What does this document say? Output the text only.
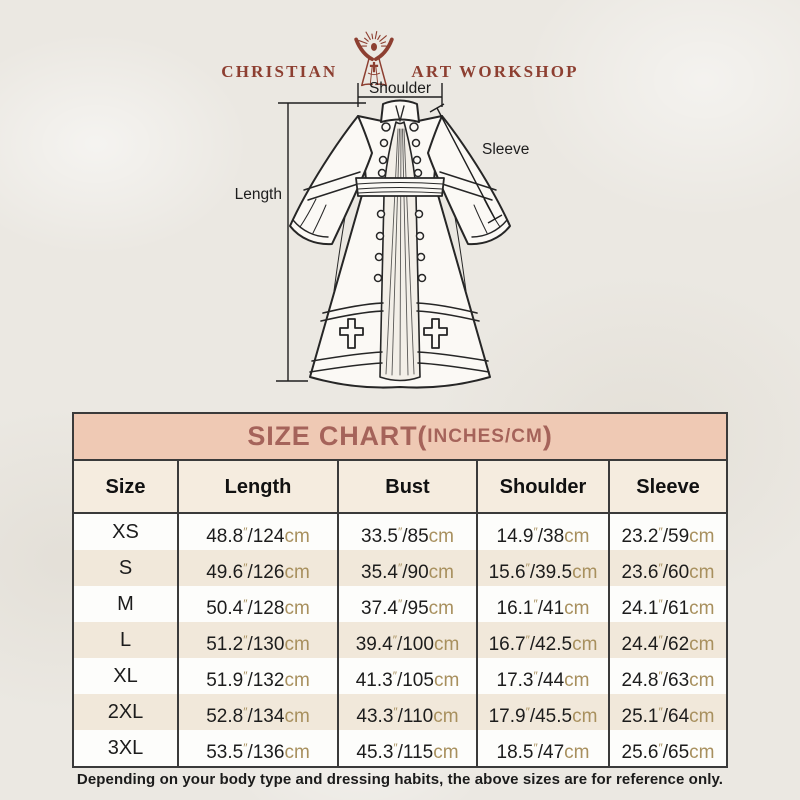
CHRISTIAN	ART WORKSHOP
Shoulder
Length
Sleeve
SIZE CHART( INCHES/CM )
Size	Length	Bust	Shoulder	Sleeve
XS	48.8″/124cm	33.5″/85cm	14.9″/38cm	23.2″/59cm
S	49.6″/126cm	35.4″/90cm	15.6″/39.5cm	23.6″/60cm
M	50.4″/128cm	37.4″/95cm	16.1″/41cm	24.1″/61cm
L	51.2″/130cm	39.4″/100cm	16.7″/42.5cm	24.4″/62cm
XL	51.9″/132cm	41.3″/105cm	17.3″/44cm	24.8″/63cm
2XL	52.8″/134cm	43.3″/110cm	17.9″/45.5cm	25.1″/64cm
3XL	53.5″/136cm	45.3″/115cm	18.5″/47cm	25.6″/65cm
Depending on your body type and dressing habits, the above sizes are for reference only.
